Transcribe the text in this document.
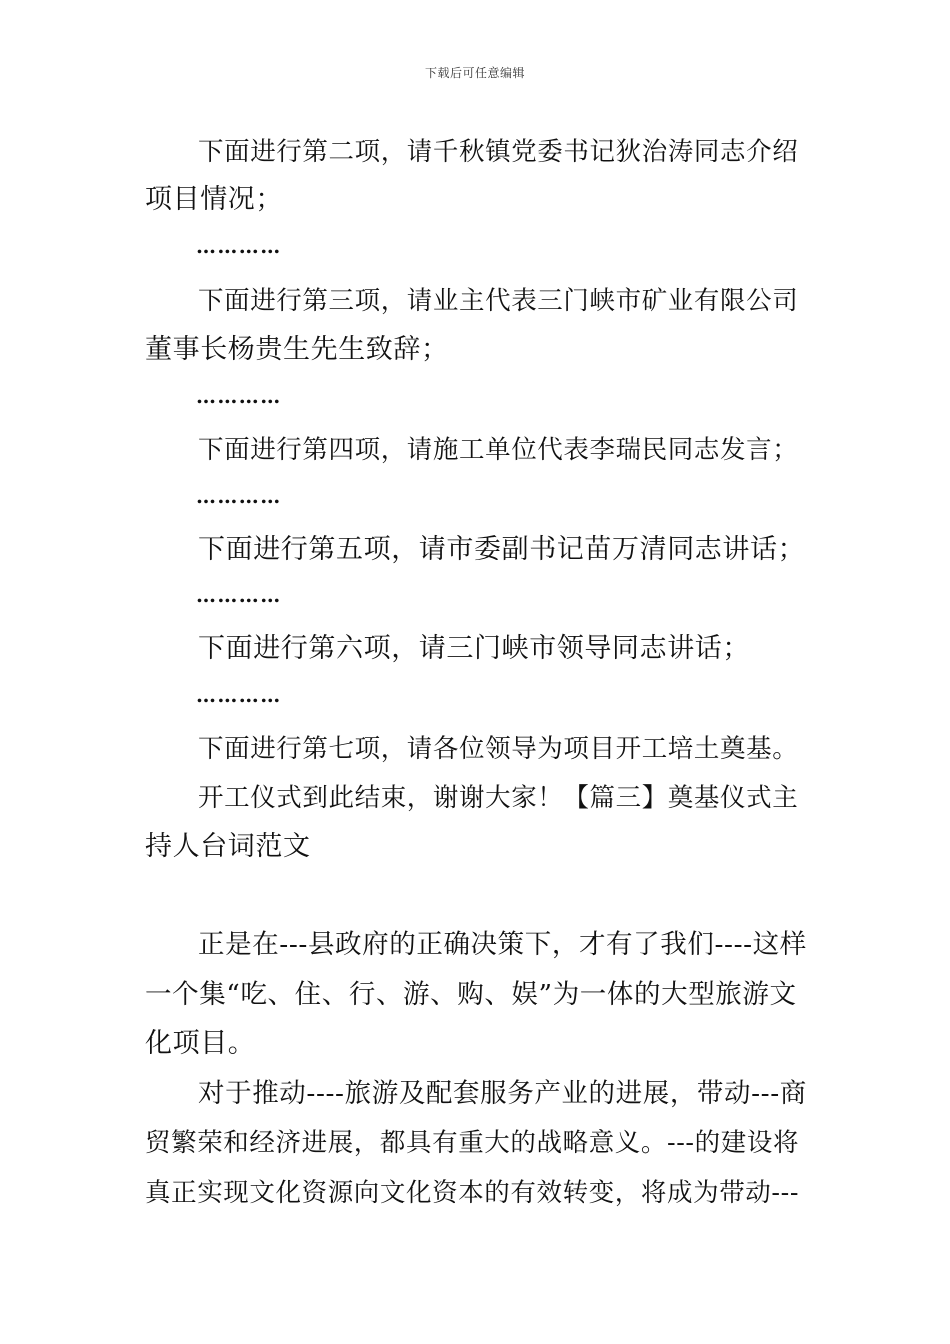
下载后可任意编辑
下面进行第二项，请千秋镇党委书记狄治涛同志介绍
项目情况；
…………
下面进行第三项，请业主代表三门峡市矿业有限公司
董事长杨贵生先生致辞；
…………
下面进行第四项，请施工单位代表李瑞民同志发言；
…………
下面进行第五项，请市委副书记苗万清同志讲话；
…………
下面进行第六项，请三门峡市领导同志讲话；
…………
下面进行第七项，请各位领导为项目开工培土奠基。
开工仪式到此结束，谢谢大家！【篇三】奠基仪式主
持人台词范文
正是在---县政府的正确决策下，才有了我们----这样
一个集“吃、住、行、游、购、娱”为一体的大型旅游文
化项目。
对于推动----旅游及配套服务产业的进展，带动---商
贸繁荣和经济进展，都具有重大的战略意义。---的建设将
真正实现文化资源向文化资本的有效转变，将成为带动---
